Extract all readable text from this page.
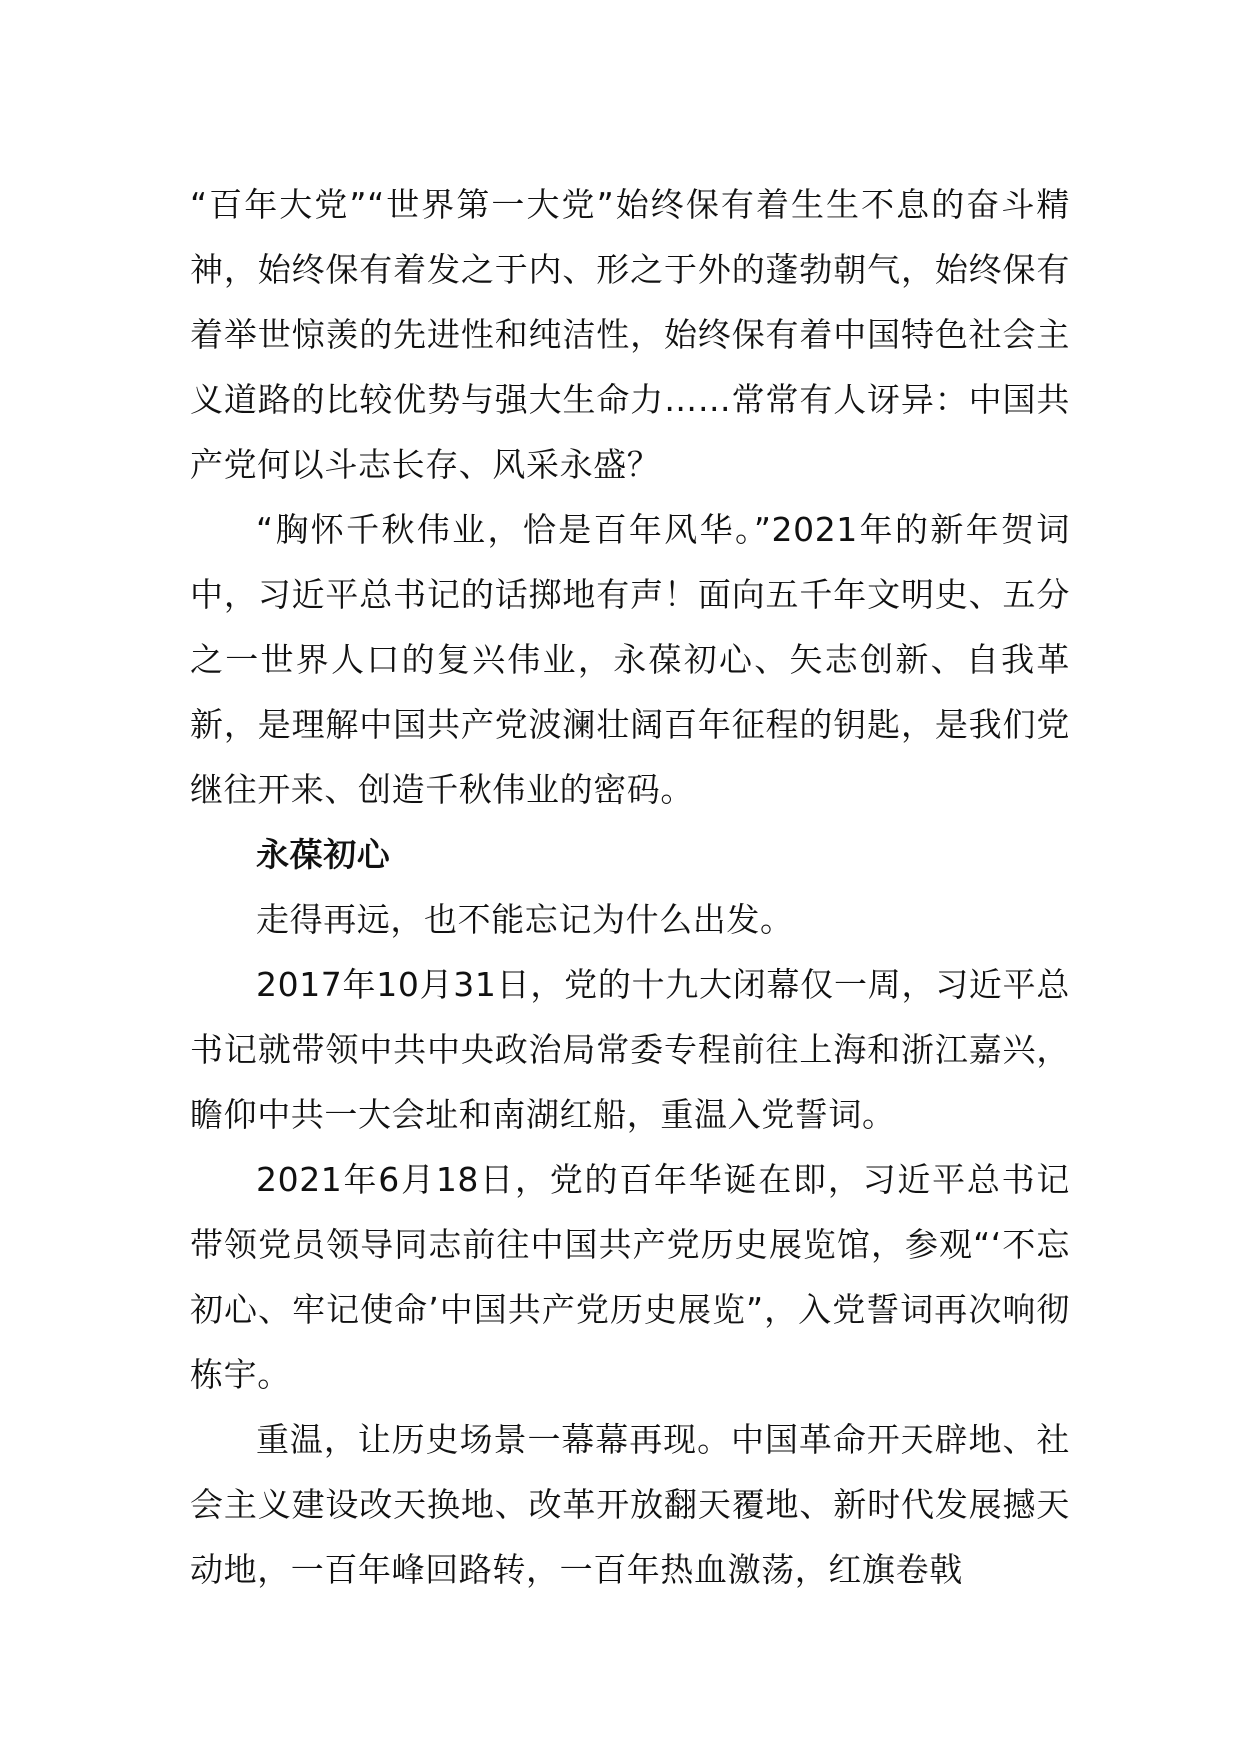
“百年大党”“世界第一大党”始终保有着生生不息的奋斗精神，始终保有着发之于内、形之于外的蓬勃朝气，始终保有着举世惊羡的先进性和纯洁性，始终保有着中国特色社会主义道路的比较优势与强大生命力……常常有人讶异：中国共产党何以斗志长存、风采永盛？

“胸怀千秋伟业，恰是百年风华。”2021年的新年贺词中，习近平总书记的话掷地有声！面向五千年文明史、五分之一世界人口的复兴伟业，永葆初心、矢志创新、自我革新，是理解中国共产党波澜壮阔百年征程的钥匙，是我们党继往开来、创造千秋伟业的密码。

永葆初心

走得再远，也不能忘记为什么出发。

2017年10月31日，党的十九大闭幕仅一周，习近平总书记就带领中共中央政治局常委专程前往上海和浙江嘉兴，瞻仰中共一大会址和南湖红船，重温入党誓词。

2021年6月18日，党的百年华诞在即，习近平总书记带领党员领导同志前往中国共产党历史展览馆，参观“‘不忘初心、牢记使命’中国共产党历史展览”，入党誓词再次响彻栋宇。

重温，让历史场景一幕幕再现。中国革命开天辟地、社会主义建设改天换地、改革开放翻天覆地、新时代发展撼天动地，一百年峰回路转，一百年热血激荡，红旗卷戟
